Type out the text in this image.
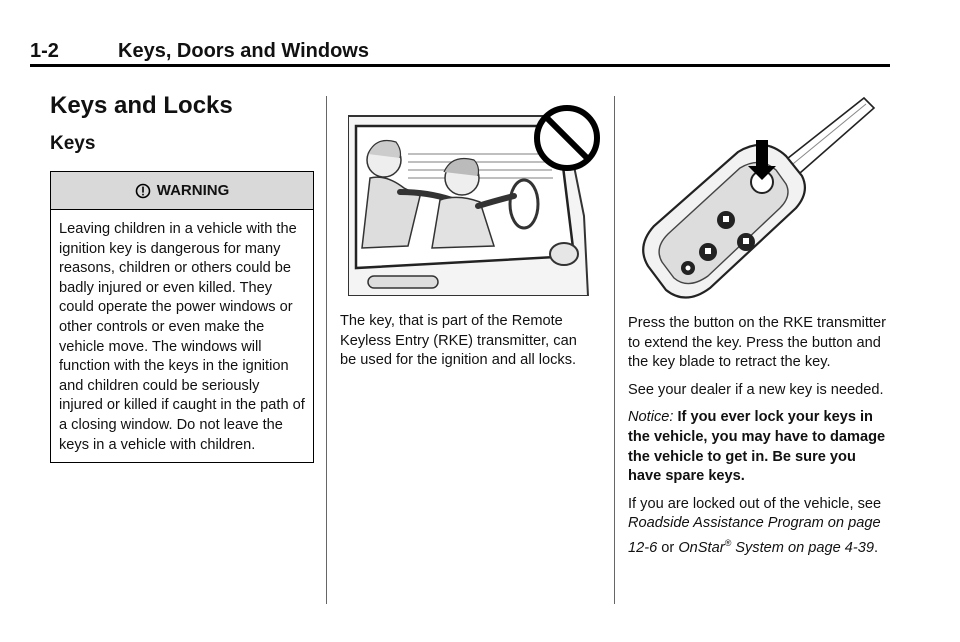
1-2	Keys, Doors and Windows
Keys and Locks
Keys
WARNING

Leaving children in a vehicle with the ignition key is dangerous for many reasons, children or others could be badly injured or even killed. They could operate the power windows or other controls or even make the vehicle move. The windows will function with the keys in the ignition and children could be seriously injured or killed if caught in the path of a closing window. Do not leave the keys in a vehicle with children.

The key, that is part of the Remote Keyless Entry (RKE) transmitter, can be used for the ignition and all locks.

Press the button on the RKE transmitter to extend the key. Press the button and the key blade to retract the key.

See your dealer if a new key is needed.

Notice: If you ever lock your keys in the vehicle, you may have to damage the vehicle to get in. Be sure you have spare keys.

If you are locked out of the vehicle, see Roadside Assistance Program on page 12-6 or OnStar® System on page 4-39.
